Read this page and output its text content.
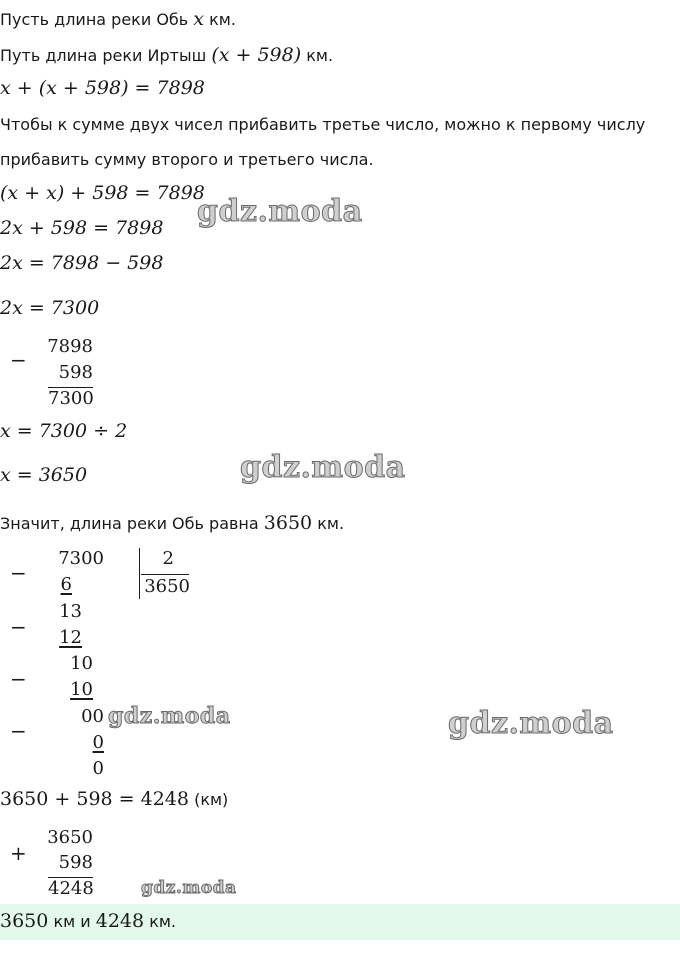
Пусть длина реки Обь x км.
Путь длина реки Иртыш (x + 598) км.
x + (x + 598) = 7898
Чтобы к сумме двух чисел прибавить третье число, можно к первому числу
прибавить сумму второго и третьего числа.
(x + x) + 598 = 7898
2x + 598 = 7898
2x = 7898 − 598
2x = 7300
−
7898
598
7300
x = 7300 ÷ 2
x = 3650
Значит, длина реки Обь равна 3650 км.
−
7300
6
2
3650
−
13
12
−
10
10
−
00
0
0
3650 + 598 = 4248 (км)
+
3650
598
4248
3650 км и 4248 км.
gdz.moda
gdz.moda
gdz.moda	gdz.moda
gdz.moda
